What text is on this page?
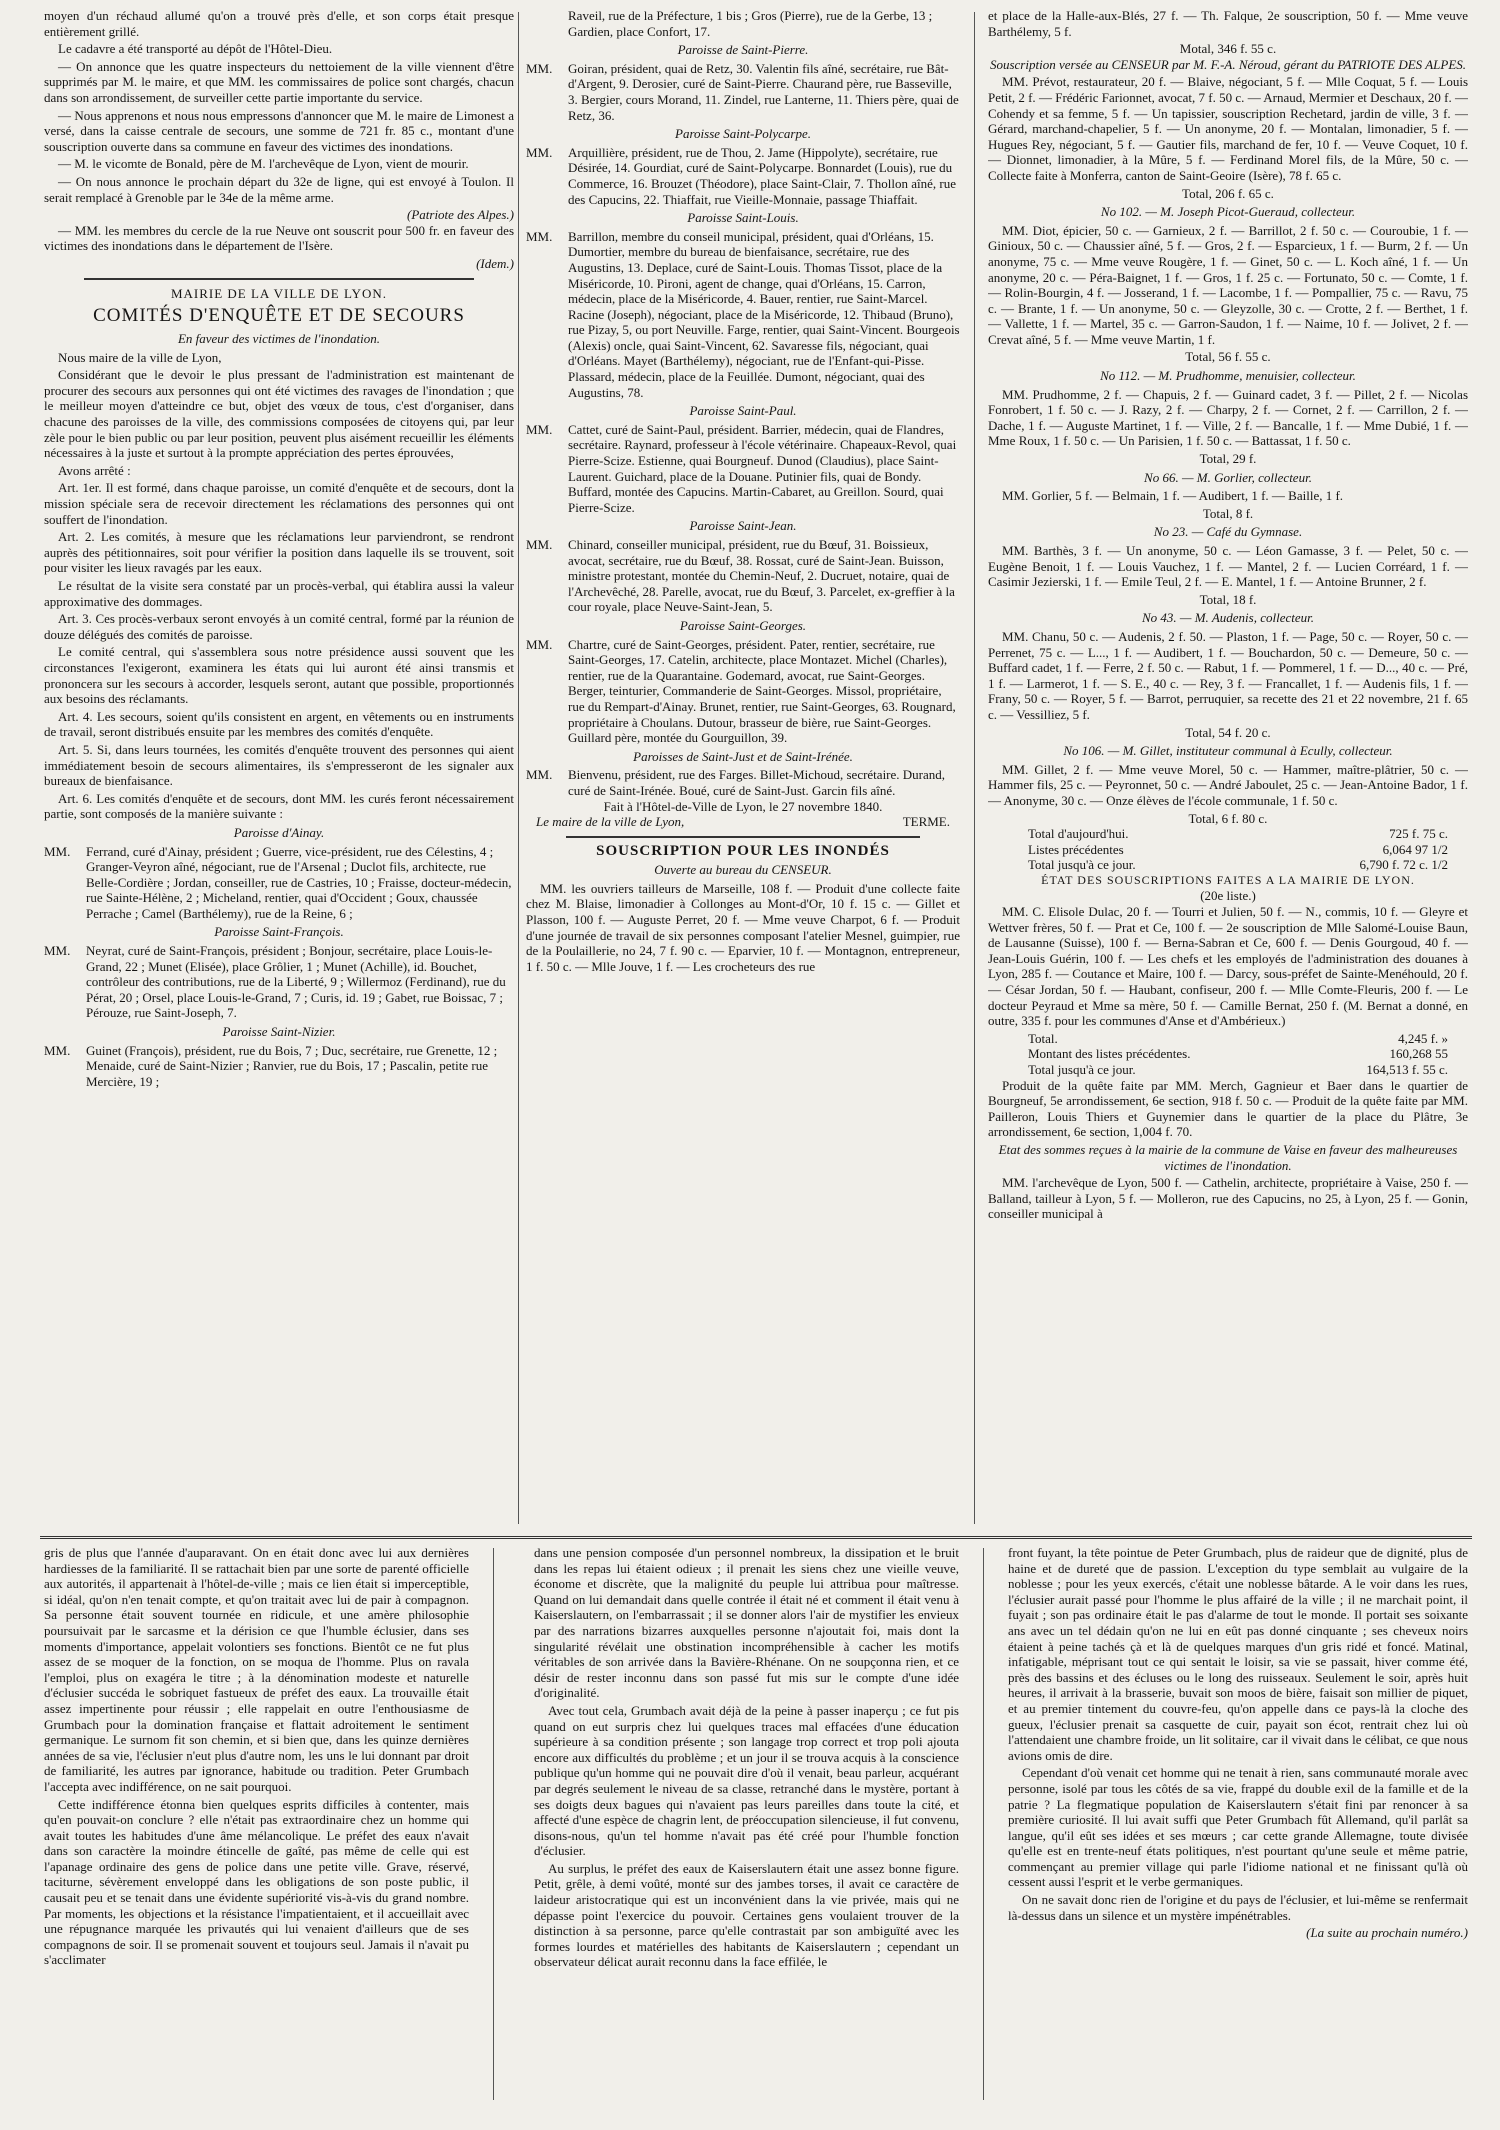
moyen d'un réchaud allumé qu'on a trouvé près d'elle, et son corps était presque entièrement grillé.

Le cadavre a été transporté au dépôt de l'Hôtel-Dieu.

— On annonce que les quatre inspecteurs du nettoiement de la ville viennent d'être supprimés par M. le maire, et que MM. les commissaires de police sont chargés, chacun dans son arrondissement, de surveiller cette partie importante du service.

— Nous apprenons et nous nous empressons d'annoncer que M. le maire de Limonest a versé, dans la caisse centrale de secours, une somme de 721 fr. 85 c., montant d'une souscription ouverte dans sa commune en faveur des victimes des inondations.

— M. le vicomte de Bonald, père de M. l'archevêque de Lyon, vient de mourir.

— On nous annonce le prochain départ du 32e de ligne, qui est envoyé à Toulon. Il serait remplacé à Grenoble par le 34e de la même arme.

(Patriote des Alpes.)

— MM. les membres du cercle de la rue Neuve ont souscrit pour 500 fr. en faveur des victimes des inondations dans le département de l'Isère.

(Idem.)
MAIRIE DE LA VILLE DE LYON.
COMITÉS D'ENQUÊTE ET DE SECOURS
En faveur des victimes de l'inondation.

Nous maire de la ville de Lyon,

Considérant que le devoir le plus pressant de l'administration est maintenant de procurer des secours aux personnes qui ont été victimes des ravages de l'inondation ; que le meilleur moyen d'atteindre ce but, objet des vœux de tous, c'est d'organiser, dans chacune des paroisses de la ville, des commissions composées de citoyens qui, par leur zèle pour le bien public ou par leur position, peuvent plus aisément recueillir les éléments nécessaires à la juste et surtout à la prompte appréciation des pertes éprouvées,

Avons arrêté :

Art. 1er. Il est formé, dans chaque paroisse, un comité d'enquête et de secours, dont la mission spéciale sera de recevoir directement les réclamations des personnes qui ont souffert de l'inondation.

Art. 2. Les comités, à mesure que les réclamations leur parviendront, se rendront auprès des pétitionnaires, soit pour vérifier la position dans laquelle ils se trouvent, soit pour visiter les lieux ravagés par les eaux.

Le résultat de la visite sera constaté par un procès-verbal, qui établira aussi la valeur approximative des dommages.

Art. 3. Ces procès-verbaux seront envoyés à un comité central, formé par la réunion de douze délégués des comités de paroisse.

Le comité central, qui s'assemblera sous notre présidence aussi souvent que les circonstances l'exigeront, examinera les états qui lui auront été ainsi transmis et prononcera sur les secours à accorder, lesquels seront, autant que possible, proportionnés aux besoins des réclamants.

Art. 4. Les secours, soient qu'ils consistent en argent, en vêtements ou en instruments de travail, seront distribués ensuite par les membres des comités d'enquête.

Art. 5. Si, dans leurs tournées, les comités d'enquête trouvent des personnes qui aient immédiatement besoin de secours alimentaires, ils s'empresseront de les signaler aux bureaux de bienfaisance.

Art. 6. Les comités d'enquête et de secours, dont MM. les curés feront nécessairement partie, sont composés de la manière suivante :

Paroisse d'Ainay.
MM. Ferrand, curé d'Ainay, président ; Guerre, vice-président, rue des Célestins, 4 ; Granger-Veyron aîné, négociant, rue de l'Arsenal ; Duclot fils, architecte, rue Belle-Cordière ; Jordan, conseiller, rue de Castries, 10 ; Fraisse, docteur-médecin, rue Sainte-Hélène, 2 ; Micheland, rentier, quai d'Occident ; Goux, chaussée Perrache ; Camel (Barthélemy), rue de la Reine, 6 ;
Paroisse Saint-François.
MM. Neyrat, curé de Saint-François, président ; Bonjour, secrétaire, place Louis-le-Grand, 22 ; Munet (Elisée), place Grôlier, 1 ; Munet (Achille), id. Bouchet, contrôleur des contributions, rue de la Liberté, 9 ; Willermoz (Ferdinand), rue du Pérat, 20 ; Orsel, place Louis-le-Grand, 7 ; Curis, id. 19 ; Gabet, rue Boissac, 7 ; Pérouze, rue Saint-Joseph, 7.
Paroisse Saint-Nizier.
MM. Guinet (François), président, rue du Bois, 7 ; Duc, secrétaire, rue Grenette, 12 ; Menaide, curé de Saint-Nizier ; Ranvier, rue du Bois, 17 ; Pascalin, petite rue Mercière, 19 ;
Raveil, rue de la Préfecture, 1 bis ; Gros (Pierre), rue de la Gerbe, 13 ; Gardien, place Confort, 17.
Paroisse de Saint-Pierre.
MM. Goiran, président, quai de Retz, 30. Valentin fils aîné, secrétaire, rue Bât-d'Argent, 9. Derosier, curé de Saint-Pierre. Chaurand père, rue Basseville, 3. Bergier, cours Morand, 11. Zindel, rue Lanterne, 11. Thiers père, quai de Retz, 36.
Paroisse Saint-Polycarpe.
MM. Arquillière, président, rue de Thou, 2. Jame (Hippolyte), secrétaire, rue Désirée, 14. Gourdiat, curé de Saint-Polycarpe. Bonnardet (Louis), rue du Commerce, 16. Brouzet (Théodore), place Saint-Clair, 7. Thollon aîné, rue des Capucins, 22. Thiaffait, rue Vieille-Monnaie, passage Thiaffait.
Paroisse Saint-Louis.
MM. Barrillon, membre du conseil municipal, président, quai d'Orléans, 15. Dumortier, membre du bureau de bienfaisance, secrétaire, rue des Augustins, 13. Deplace, curé de Saint-Louis. Thomas Tissot, place de la Miséricorde, 10. Pironi, agent de change, quai d'Orléans, 15. Carron, médecin, place de la Miséricorde, 4. Bauer, rentier, rue Saint-Marcel. Racine (Joseph), négociant, place de la Miséricorde, 12. Thibaud (Bruno), rue Pizay, 5, ou port Neuville. Farge, rentier, quai Saint-Vincent. Bourgeois (Alexis) oncle, quai Saint-Vincent, 62. Savaresse fils, négociant, quai d'Orléans. Mayet (Barthélemy), négociant, rue de l'Enfant-qui-Pisse. Plassard, médecin, place de la Feuillée. Dumont, négociant, quai des Augustins, 78.
Paroisse Saint-Paul.
MM. Cattet, curé de Saint-Paul, président. Barrier, médecin, quai de Flandres, secrétaire. Raynard, professeur à l'école vétérinaire. Chapeaux-Revol, quai Pierre-Scize. Estienne, quai Bourgneuf. Dunod (Claudius), place Saint-Laurent. Guichard, place de la Douane. Putinier fils, quai de Bondy. Buffard, montée des Capucins. Martin-Cabaret, au Greillon. Sourd, quai Pierre-Scize.
Paroisse Saint-Jean.
MM. Chinard, conseiller municipal, président, rue du Bœuf, 31. Boissieux, avocat, secrétaire, rue du Bœuf, 38. Rossat, curé de Saint-Jean. Buisson, ministre protestant, montée du Chemin-Neuf, 2. Ducruet, notaire, quai de l'Archevêché, 28. Parelle, avocat, rue du Bœuf, 3. Parcelet, ex-greffier à la cour royale, place Neuve-Saint-Jean, 5.
Paroisse Saint-Georges.
MM. Chartre, curé de Saint-Georges, président. Pater, rentier, secrétaire, rue Saint-Georges, 17. Catelin, architecte, place Montazet. Michel (Charles), rentier, rue de la Quarantaine. Godemard, avocat, rue Saint-Georges. Berger, teinturier, Commanderie de Saint-Georges. Missol, propriétaire, rue du Rempart-d'Ainay. Brunet, rentier, rue Saint-Georges, 63. Rougnard, propriétaire à Choulans. Dutour, brasseur de bière, rue Saint-Georges. Guillard père, montée du Gourguillon, 39.
Paroisses de Saint-Just et de Saint-Irénée.
MM. Bienvenu, président, rue des Farges. Billet-Michoud, secrétaire. Durand, curé de Saint-Irénée. Boué, curé de Saint-Just. Garcin fils aîné.
Fait à l'Hôtel-de-Ville de Lyon, le 27 novembre 1840.
Le maire de la ville de Lyon,	TERME.
SOUSCRIPTION POUR LES INONDÉS
Ouverte au bureau du CENSEUR.

MM. les ouvriers tailleurs de Marseille, 108 f. — Produit d'une collecte faite chez M. Blaise, limonadier à Collonges au Mont-d'Or, 10 f. 15 c. — Gillet et Plasson, 100 f. — Auguste Perret, 20 f. — Mme veuve Charpot, 6 f. — Produit d'une journée de travail de six personnes composant l'atelier Mesnel, guimpier, rue de la Poulaillerie, no 24, 7 f. 90 c. — Eparvier, 10 f. — Montagnon, entrepreneur, 1 f. 50 c. — Mlle Jouve, 1 f. — Les crocheteurs des rue

et place de la Halle-aux-Blés, 27 f. — Th. Falque, 2e souscription, 50 f. — Mme veuve Barthélemy, 5 f.

Motal, 346 f. 55 c.

Souscription versée au CENSEUR par M. F.-A. Néroud, gérant du PATRIOTE DES ALPES.

MM. Prévot, restaurateur, 20 f. — Blaive, négociant, 5 f. — Mlle Coquat, 5 f. — Louis Petit, 2 f. — Frédéric Farionnet, avocat, 7 f. 50 c. — Arnaud, Mermier et Deschaux, 20 f. — Cohendy et sa femme, 5 f. — Un tapissier, souscription Rechetard, jardin de ville, 3 f. — Gérard, marchand-chapelier, 5 f. — Un anonyme, 20 f. — Montalan, limonadier, 5 f. — Hugues Rey, négociant, 5 f. — Gautier fils, marchand de fer, 10 f. — Veuve Coquet, 10 f. — Dionnet, limonadier, à la Mûre, 5 f. — Ferdinand Morel fils, de la Mûre, 50 c. — Collecte faite à Monferra, canton de Saint-Geoire (Isère), 78 f. 65 c.

Total, 206 f. 65 c.
No 102. — M. Joseph Picot-Gueraud, collecteur.

MM. Diot, épicier, 50 c. — Garnieux, 2 f. — Barrillot, 2 f. 50 c. — Couroubie, 1 f. — Ginioux, 50 c. — Chaussier aîné, 5 f. — Gros, 2 f. — Esparcieux, 1 f. — Burm, 2 f. — Un anonyme, 75 c. — Mme veuve Rougère, 1 f. — Ginet, 50 c. — L. Koch aîné, 1 f. — Un anonyme, 20 c. — Péra-Baignet, 1 f. — Gros, 1 f. 25 c. — Fortunato, 50 c. — Comte, 1 f. — Rolin-Bourgin, 4 f. — Josserand, 1 f. — Lacombe, 1 f. — Pompallier, 75 c. — Ravu, 75 c. — Brante, 1 f. — Un anonyme, 50 c. — Gleyzolle, 30 c. — Crotte, 2 f. — Berthet, 1 f. — Vallette, 1 f. — Martel, 35 c. — Garron-Saudon, 1 f. — Naime, 10 f. — Jolivet, 2 f. — Crevat aîné, 5 f. — Mme veuve Martin, 1 f.

Total, 56 f. 55 c.
No 112. — M. Prudhomme, menuisier, collecteur.

MM. Prudhomme, 2 f. — Chapuis, 2 f. — Guinard cadet, 3 f. — Pillet, 2 f. — Nicolas Fonrobert, 1 f. 50 c. — J. Razy, 2 f. — Charpy, 2 f. — Cornet, 2 f. — Carrillon, 2 f. — Dache, 1 f. — Auguste Martinet, 1 f. — Ville, 2 f. — Bancalle, 1 f. — Mme Dubié, 1 f. — Mme Roux, 1 f. 50 c. — Un Parisien, 1 f. 50 c. — Battassat, 1 f. 50 c.

Total, 29 f.
No 66. — M. Gorlier, collecteur.

MM. Gorlier, 5 f. — Belmain, 1 f. — Audibert, 1 f. — Baille, 1 f.

Total, 8 f.
No 23. — Café du Gymnase.

MM. Barthès, 3 f. — Un anonyme, 50 c. — Léon Gamasse, 3 f. — Pelet, 50 c. — Eugène Benoit, 1 f. — Louis Vauchez, 1 f. — Mantel, 2 f. — Lucien Corréard, 1 f. — Casimir Jezierski, 1 f. — Emile Teul, 2 f. — E. Mantel, 1 f. — Antoine Brunner, 2 f.

Total, 18 f.
No 43. — M. Audenis, collecteur.

MM. Chanu, 50 c. — Audenis, 2 f. 50. — Plaston, 1 f. — Page, 50 c. — Royer, 50 c. — Perrenet, 75 c. — L..., 1 f. — Audibert, 1 f. — Bouchardon, 50 c. — Demeure, 50 c. — Buffard cadet, 1 f. — Ferre, 2 f. 50 c. — Rabut, 1 f. — Pommerel, 1 f. — D..., 40 c. — Pré, 1 f. — Larmerot, 1 f. — S. E., 40 c. — Rey, 3 f. — Francallet, 1 f. — Audenis fils, 1 f. — Frany, 50 c. — Royer, 5 f. — Barrot, perruquier, sa recette des 21 et 22 novembre, 21 f. 65 c. — Vessilliez, 5 f.

Total, 54 f. 20 c.
No 106. — M. Gillet, instituteur communal à Ecully, collecteur.

MM. Gillet, 2 f. — Mme veuve Morel, 50 c. — Hammer, maître-plâtrier, 50 c. — Hammer fils, 25 c. — Peyronnet, 50 c. — André Jaboulet, 25 c. — Jean-Antoine Bador, 1 f. — Anonyme, 30 c. — Onze élèves de l'école communale, 1 f. 50 c.

Total, 6 f. 80 c.
Total d'aujourd'hui.	725 f. 75 c.
Listes précédentes	6,064 97 1/2
Total jusqu'à ce jour.	6,790 f. 72 c. 1/2
ÉTAT DES SOUSCRIPTIONS FAITES A LA MAIRIE DE LYON.
(20e liste.)

MM. C. Elisole Dulac, 20 f. — Tourri et Julien, 50 f. — N., commis, 10 f. — Gleyre et Wettver frères, 50 f. — Prat et Ce, 100 f. — 2e souscription de Mlle Salomé-Louise Baun, de Lausanne (Suisse), 100 f. — Berna-Sabran et Ce, 600 f. — Denis Gourgoud, 40 f. — Jean-Louis Guérin, 100 f. — Les chefs et les employés de l'administration des douanes à Lyon, 285 f. — Coutance et Maire, 100 f. — Darcy, sous-préfet de Sainte-Menéhould, 20 f. — César Jordan, 50 f. — Haubant, confiseur, 200 f. — Mlle Comte-Fleuris, 200 f. — Le docteur Peyraud et Mme sa mère, 50 f. — Camille Bernat, 250 f. (M. Bernat a donné, en outre, 335 f. pour les communes d'Anse et d'Ambérieux.)

Total.	4,245 f. »
Montant des listes précédentes.	160,268 55
Total jusqu'à ce jour.	164,513 f. 55 c.

Produit de la quête faite par MM. Merch, Gagnieur et Baer dans le quartier de Bourgneuf, 5e arrondissement, 6e section, 918 f. 50 c. — Produit de la quête faite par MM. Pailleron, Louis Thiers et Guynemier dans le quartier de la place du Plâtre, 3e arrondissement, 6e section, 1,004 f. 70.

Etat des sommes reçues à la mairie de la commune de Vaise en faveur des malheureuses victimes de l'inondation.

MM. l'archevêque de Lyon, 500 f. — Cathelin, architecte, propriétaire à Vaise, 250 f. — Balland, tailleur à Lyon, 5 f. — Molleron, rue des Capucins, no 25, à Lyon, 25 f. — Gonin, conseiller municipal à

gris de plus que l'année d'auparavant. On en était donc avec lui aux dernières hardiesses de la familiarité. Il se rattachait bien par une sorte de parenté officielle aux autorités, il appartenait à l'hôtel-de-ville ; mais ce lien était si imperceptible, si idéal, qu'on n'en tenait compte, et qu'on traitait avec lui de pair à compagnon. Sa personne était souvent tournée en ridicule, et une amère philosophie poursuivait par le sarcasme et la dérision ce que l'humble éclusier, dans ses moments d'importance, appelait volontiers ses fonctions. Bientôt ce ne fut plus assez de se moquer de la fonction, on se moqua de l'homme. Plus on ravala l'emploi, plus on exagéra le titre ; à la dénomination modeste et naturelle d'éclusier succéda le sobriquet fastueux de préfet des eaux. La trouvaille était assez impertinente pour réussir ; elle rappelait en outre l'enthousiasme de Grumbach pour la domination française et flattait adroitement le sentiment germanique. Le surnom fit son chemin, et si bien que, dans les quinze dernières années de sa vie, l'éclusier n'eut plus d'autre nom, les uns le lui donnant par droit de familiarité, les autres par ignorance, habitude ou tradition. Peter Grumbach l'accepta avec indifférence, on ne sait pourquoi.

Cette indifférence étonna bien quelques esprits difficiles à contenter, mais qu'en pouvait-on conclure ? elle n'était pas extraordinaire chez un homme qui avait toutes les habitudes d'une âme mélancolique. Le préfet des eaux n'avait dans son caractère la moindre étincelle de gaîté, pas même de celle qui est l'apanage ordinaire des gens de police dans une petite ville. Grave, réservé, taciturne, sévèrement enveloppé dans les obligations de son poste public, il causait peu et se tenait dans une évidente supériorité vis-à-vis du grand nombre. Par moments, les objections et la résistance l'impatientaient, et il accueillait avec une répugnance marquée les privautés qui lui venaient d'ailleurs que de ses compagnons de soir. Il se promenait souvent et toujours seul. Jamais il n'avait pu s'acclimater

dans une pension composée d'un personnel nombreux, la dissipation et le bruit dans les repas lui étaient odieux ; il prenait les siens chez une vieille veuve, économe et discrète, que la malignité du peuple lui attribua pour maîtresse. Quand on lui demandait dans quelle contrée il était né et comment il était venu à Kaiserslautern, on l'embarrassait ; il se donner alors l'air de mystifier les envieux par des narrations bizarres auxquelles personne n'ajoutait foi, mais dont la singularité révélait une obstination incompréhensible à cacher les motifs véritables de son arrivée dans la Bavière-Rhénane. On ne soupçonna rien, et ce désir de rester inconnu dans son passé fut mis sur le compte d'une idée d'originalité.

Avec tout cela, Grumbach avait déjà de la peine à passer inaperçu ; ce fut pis quand on eut surpris chez lui quelques traces mal effacées d'une éducation supérieure à sa condition présente ; son langage trop correct et trop poli ajouta encore aux difficultés du problème ; et un jour il se trouva acquis à la conscience publique qu'un homme qui ne pouvait dire d'où il venait, beau parleur, acquérant par degrés seulement le niveau de sa classe, retranché dans le mystère, portant à ses doigts deux bagues qui n'avaient pas leurs pareilles dans toute la cité, et affecté d'une espèce de chagrin lent, de préoccupation silencieuse, il fut convenu, disons-nous, qu'un tel homme n'avait pas été créé pour l'humble fonction d'éclusier.

Au surplus, le préfet des eaux de Kaiserslautern était une assez bonne figure. Petit, grêle, à demi voûté, monté sur des jambes torses, il avait ce caractère de laideur aristocratique qui est un inconvénient dans la vie privée, mais qui ne dépasse point l'exercice du pouvoir. Certaines gens voulaient trouver de la distinction à sa personne, parce qu'elle contrastait par son ambiguïté avec les formes lourdes et matérielles des habitants de Kaiserslautern ; cependant un observateur délicat aurait reconnu dans la face effilée, le

front fuyant, la tête pointue de Peter Grumbach, plus de raideur que de dignité, plus de haine et de dureté que de passion. L'exception du type semblait au vulgaire de la noblesse ; pour les yeux exercés, c'était une noblesse bâtarde. A le voir dans les rues, l'éclusier aurait passé pour l'homme le plus affairé de la ville ; il ne marchait point, il fuyait ; son pas ordinaire était le pas d'alarme de tout le monde. Il portait ses soixante ans avec un tel dédain qu'on ne lui en eût pas donné cinquante ; ses cheveux noirs étaient à peine tachés çà et là de quelques marques d'un gris ridé et foncé. Matinal, infatigable, méprisant tout ce qui sentait le loisir, sa vie se passait, hiver comme été, près des bassins et des écluses ou le long des ruisseaux. Seulement le soir, après huit heures, il arrivait à la brasserie, buvait son moos de bière, faisait son millier de piquet, et au premier tintement du couvre-feu, qu'on appelle dans ce pays-là la cloche des gueux, l'éclusier prenait sa casquette de cuir, payait son écot, rentrait chez lui où l'attendaient une chambre froide, un lit solitaire, car il vivait dans le célibat, ce que nous avions omis de dire.

Cependant d'où venait cet homme qui ne tenait à rien, sans communauté morale avec personne, isolé par tous les côtés de sa vie, frappé du double exil de la famille et de la patrie ? La flegmatique population de Kaiserslautern s'était fini par renoncer à sa première curiosité. Il lui avait suffi que Peter Grumbach fût Allemand, qu'il parlât sa langue, qu'il eût ses idées et ses mœurs ; car cette grande Allemagne, toute divisée qu'elle est en trente-neuf états politiques, n'est pourtant qu'une seule et même patrie, commençant au premier village qui parle l'idiome national et ne finissant qu'là où cessent aussi l'esprit et le verbe germaniques.

On ne savait donc rien de l'origine et du pays de l'éclusier, et lui-même se renfermait là-dessus dans un silence et un mystère impénétrables.

(La suite au prochain numéro.)
